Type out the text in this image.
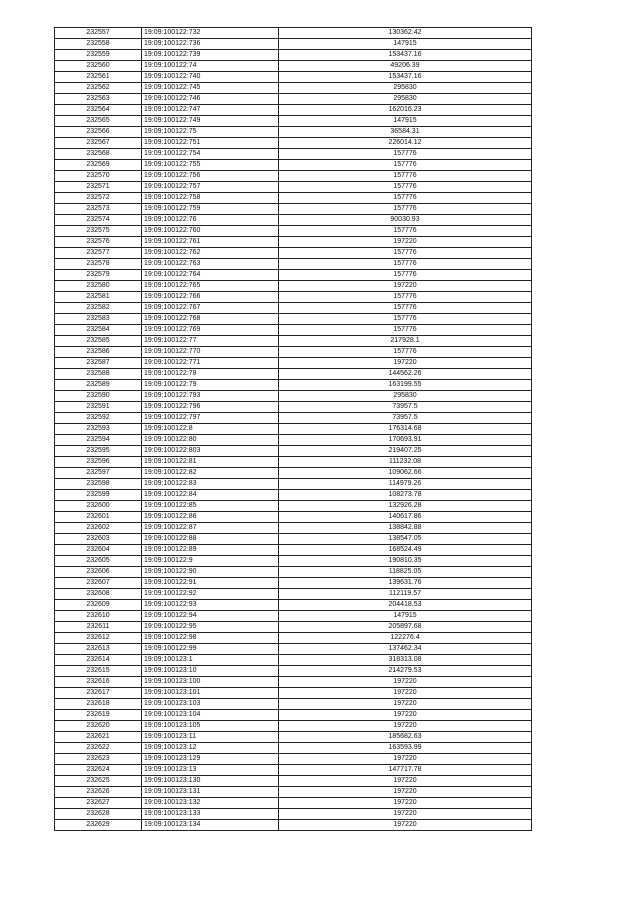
232557	19:09:100122:732	130362.42
232558	19:09:100122:736	147915
232559	19:09:100122:739	153437.16
232560	19:09:100122:74	49206.39
232561	19:09:100122:740	153437.16
232562	19:09:100122:745	295830
232563	19:09:100122:746	295830
232564	19:09:100122:747	162016.23
232565	19:09:100122:749	147915
232566	19:09:100122:75	36584.31
232567	19:09:100122:751	226014.12
232568	19:09:100122:754	157776
232569	19:09:100122:755	157776
232570	19:09:100122:756	157776
232571	19:09:100122:757	157776
232572	19:09:100122:758	157776
232573	19:09:100122:759	157776
232574	19:09:100122:76	90030.93
232575	19:09:100122:760	157776
232576	19:09:100122:761	197220
232577	19:09:100122:762	157776
232578	19:09:100122:763	157776
232579	19:09:100122:764	157776
232580	19:09:100122:765	197220
232581	19:09:100122:766	157776
232582	19:09:100122:767	157776
232583	19:09:100122:768	157776
232584	19:09:100122:769	157776
232585	19:09:100122:77	217928.1
232586	19:09:100122:770	157776
232587	19:09:100122:771	197220
232588	19:09:100122:78	144562.26
232589	19:09:100122:79	163199.55
232590	19:09:100122:793	295830
232591	19:09:100122:796	73957.5
232592	19:09:100122:797	73957.5
232593	19:09:100122:8	176314.68
232594	19:09:100122:80	170693.91
232595	19:09:100122:803	219407.25
232596	19:09:100122:81	111232.08
232597	19:09:100122:82	109062.66
232598	19:09:100122:83	114979.26
232599	19:09:100122:84	108273.78
232600	19:09:100122:85	132926.28
232601	19:09:100122:86	140617.86
232602	19:09:100122:87	138842.88
232603	19:09:100122:88	138547.05
232604	19:09:100122:89	168524.49
232605	19:09:100122:9	190810.35
232606	19:09:100122:90	118825.05
232607	19:09:100122:91	139631.76
232608	19:09:100122:92	112119.57
232609	19:09:100122:93	204418.53
232610	19:09:100122:94	147915
232611	19:09:100122:95	205897.68
232612	19:09:100122:98	122276.4
232613	19:09:100122:99	137462.34
232614	19:09:100123:1	318313.08
232615	19:09:100123:10	214279.53
232616	19:09:100123:100	197220
232617	19:09:100123:101	197220
232618	19:09:100123:103	197220
232619	19:09:100123:104	197220
232620	19:09:100123:105	197220
232621	19:09:100123:11	185682.63
232622	19:09:100123:12	163593.99
232623	19:09:100123:129	197220
232624	19:09:100123:13	147717.78
232625	19:09:100123:130	197220
232626	19:09:100123:131	197220
232627	19:09:100123:132	197220
232628	19:09:100123:133	197220
232629	19:09:100123:134	197220
